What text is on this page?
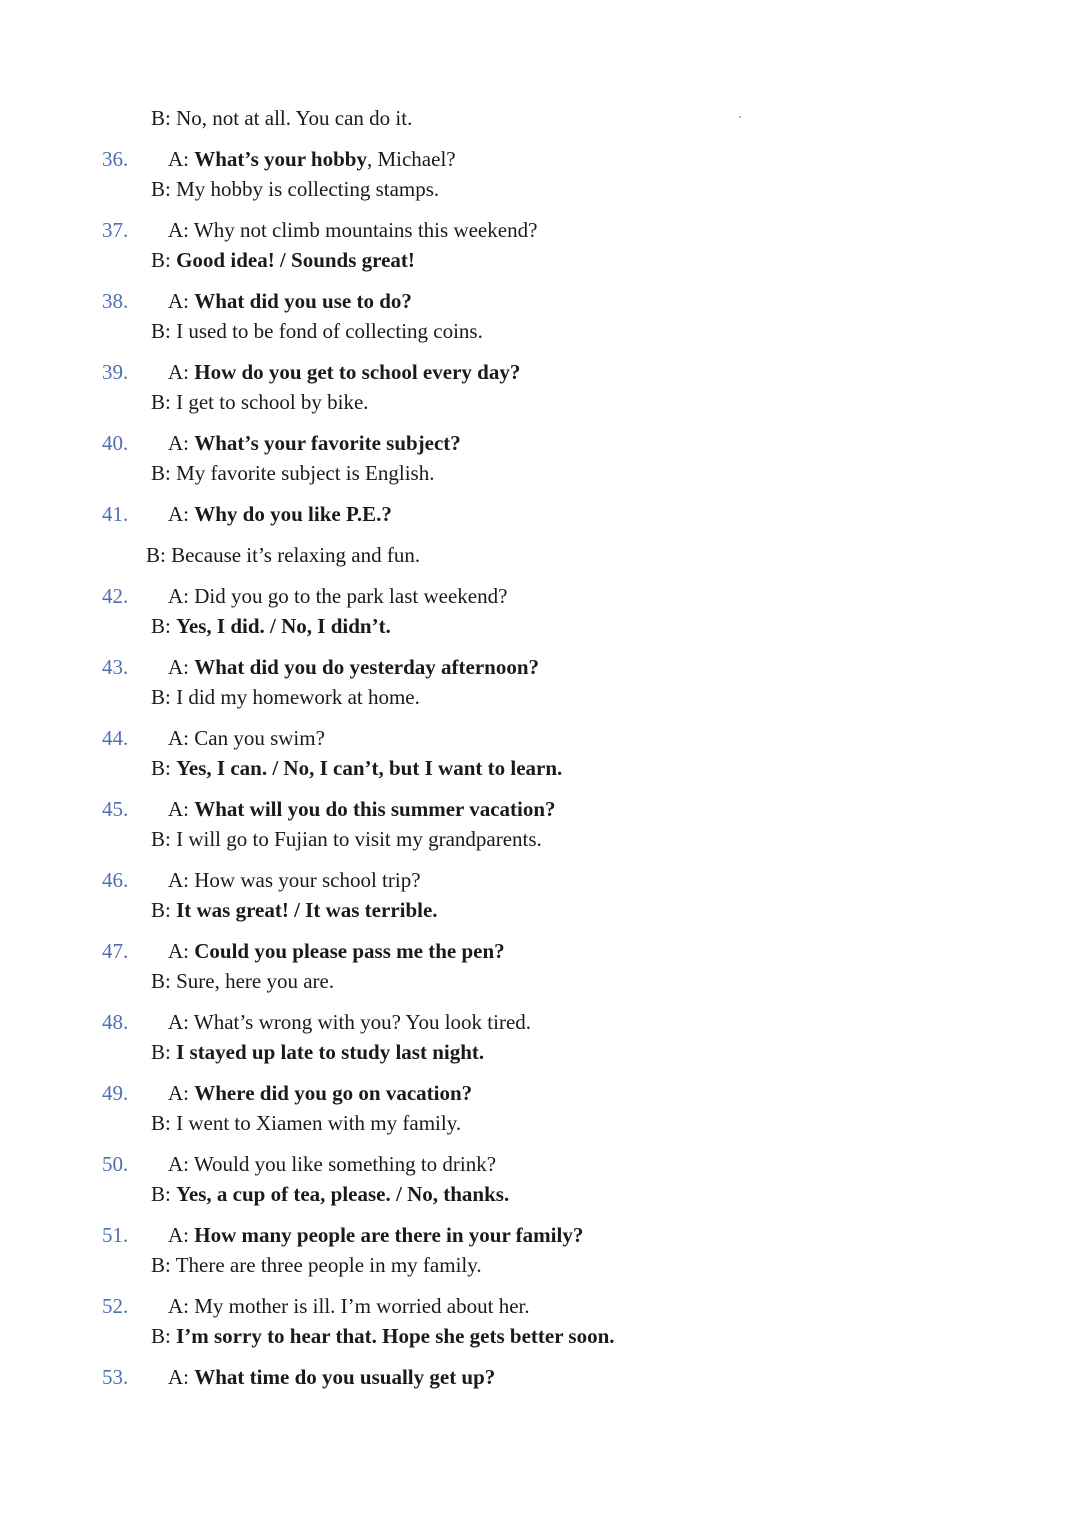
B: No, not at all. You can do it.
36. A: What’s your hobby, Michael?
B: My hobby is collecting stamps.
37. A: Why not climb mountains this weekend?
B: Good idea! / Sounds great!
38. A: What did you use to do?
B: I used to be fond of collecting coins.
39. A: How do you get to school every day?
B: I get to school by bike.
40. A: What’s your favorite subject?
B: My favorite subject is English.
41. A: Why do you like P.E.?
B: Because it’s relaxing and fun.
42. A: Did you go to the park last weekend?
B: Yes, I did. / No, I didn’t.
43. A: What did you do yesterday afternoon?
B: I did my homework at home.
44. A: Can you swim?
B: Yes, I can. / No, I can’t, but I want to learn.
45. A: What will you do this summer vacation?
B: I will go to Fujian to visit my grandparents.
46. A: How was your school trip?
B: It was great! / It was terrible.
47. A: Could you please pass me the pen?
B: Sure, here you are.
48. A: What’s wrong with you? You look tired.
B: I stayed up late to study last night.
49. A: Where did you go on vacation?
B: I went to Xiamen with my family.
50. A: Would you like something to drink?
B: Yes, a cup of tea, please. / No, thanks.
51. A: How many people are there in your family?
B: There are three people in my family.
52. A: My mother is ill. I’m worried about her.
B: I’m sorry to hear that. Hope she gets better soon.
53. A: What time do you usually get up?
